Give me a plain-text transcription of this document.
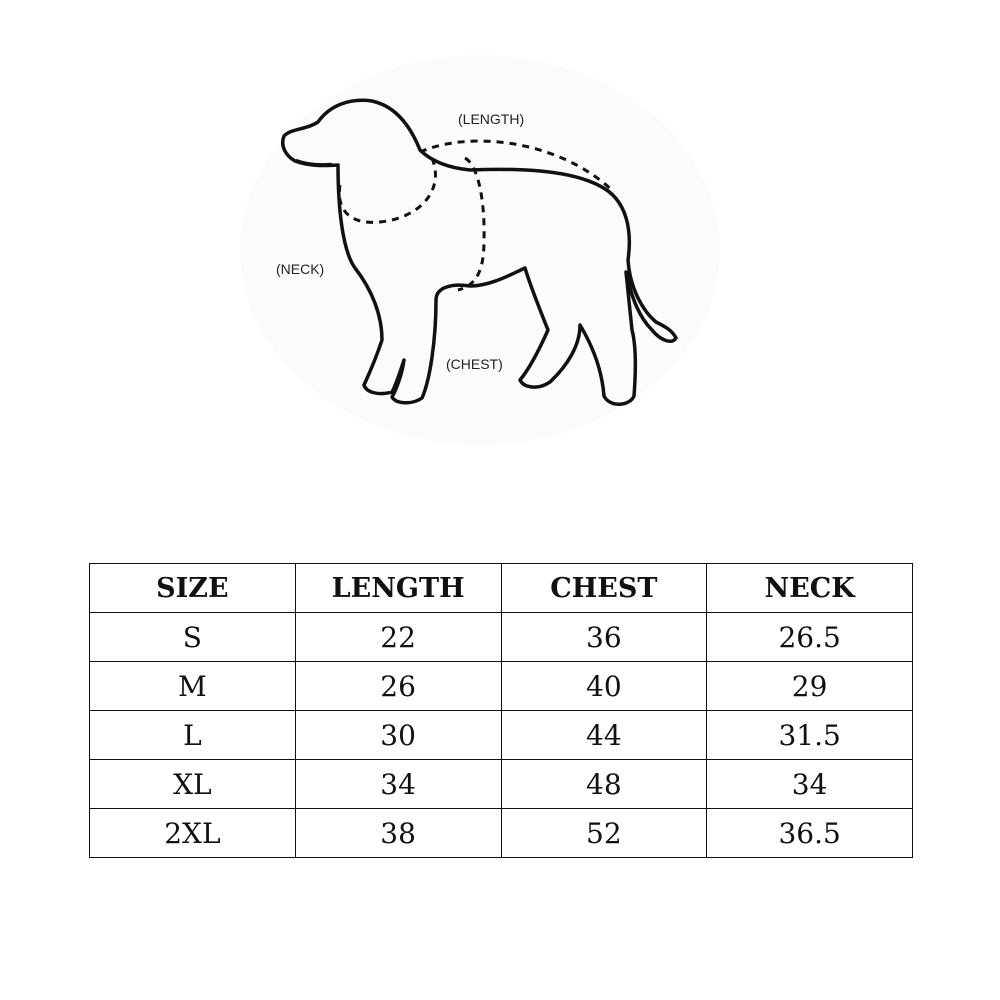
(LENGTH)
(NECK)
(CHEST)
SIZE	LENGTH	CHEST	NECK
S	22	36	26.5
M	26	40	29
L	30	44	31.5
XL	34	48	34
2XL	38	52	36.5
